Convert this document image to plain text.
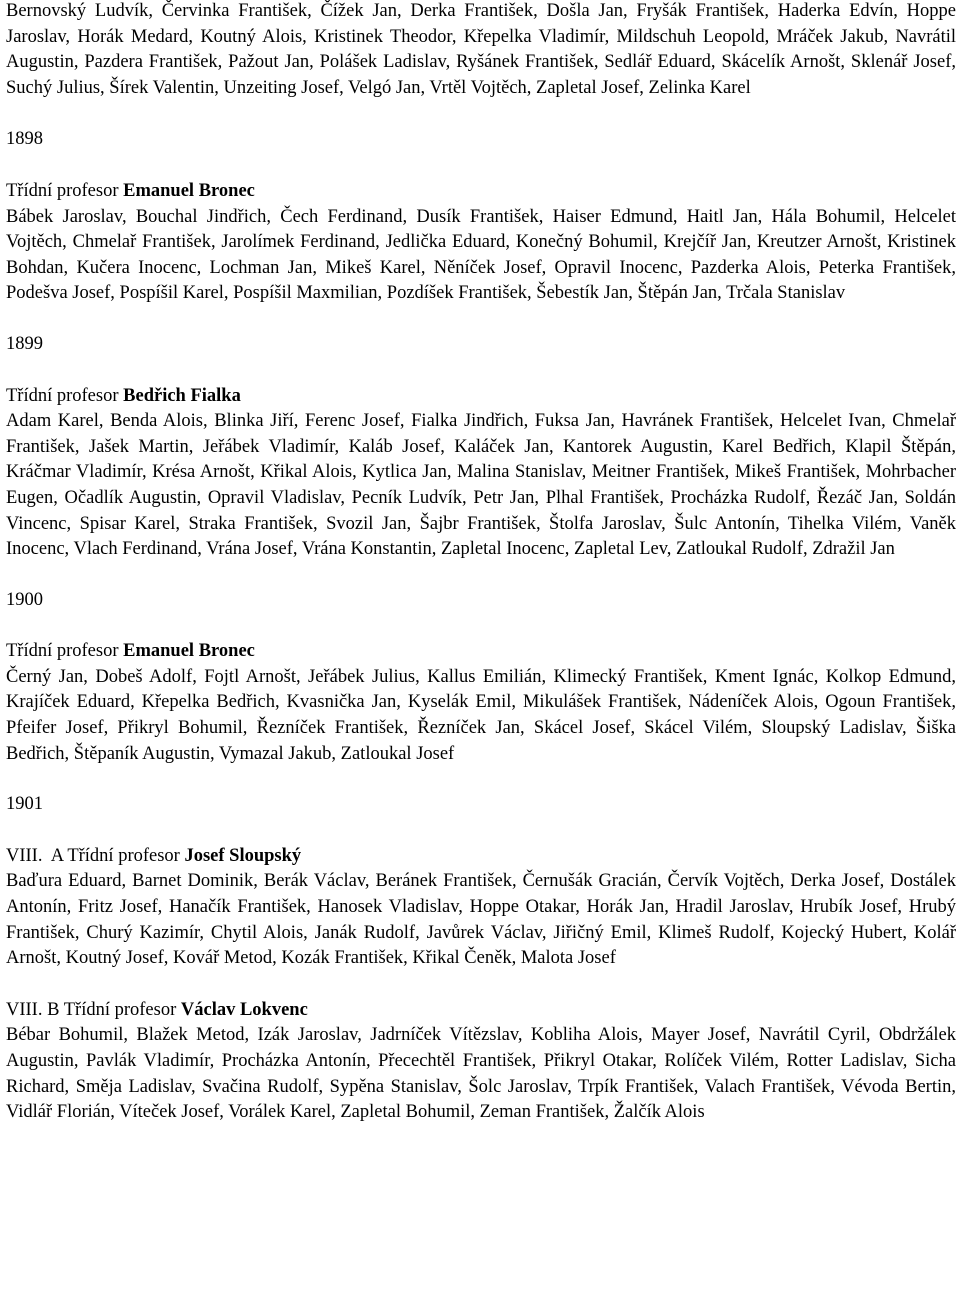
Bernovský Ludvík, Červinka František, Čížek Jan, Derka František, Došla Jan, Fryšák František, Haderka Edvín, Hoppe Jaroslav, Horák Medard, Koutný Alois, Kristinek Theodor, Křepelka Vladimír, Mildschuh Leopold, Mráček Jakub, Navrátil Augustin, Pazdera František, Pažout Jan, Polášek Ladislav, Ryšánek František, Sedlář Eduard, Skácelík Arnošt, Sklenář Josef, Suchý Julius, Šírek Valentin, Unzeiting Josef, Velgó Jan, Vrtěl Vojtěch, Zapletal Josef, Zelinka Karel

1898

Třídní profesor Emanuel Bronec

Bábek Jaroslav, Bouchal Jindřich, Čech Ferdinand, Dusík František, Haiser Edmund, Haitl Jan, Hála Bohumil, Helcelet Vojtěch, Chmelař František, Jarolímek Ferdinand, Jedlička Eduard, Konečný Bohumil, Krejčíř Jan, Kreutzer Arnošt, Kristinek Bohdan, Kučera Inocenc, Lochman Jan, Mikeš Karel, Něníček Josef, Opravil Inocenc, Pazderka Alois, Peterka František, Podešva Josef, Pospíšil Karel, Pospíšil Maxmilian, Pozdíšek František, Šebestík Jan, Štěpán Jan, Trčala Stanislav

1899

Třídní profesor Bedřich Fialka

Adam Karel, Benda Alois, Blinka Jiří, Ferenc Josef, Fialka Jindřich, Fuksa Jan, Havránek František, Helcelet Ivan, Chmelař František, Jašek Martin, Jeřábek Vladimír, Kaláb Josef, Kaláček Jan, Kantorek Augustin, Karel Bedřich, Klapil Štěpán, Kráčmar Vladimír, Krésa Arnošt, Křikal Alois, Kytlica Jan, Malina Stanislav, Meitner František, Mikeš František, Mohrbacher Eugen, Očadlík Augustin, Opravil Vladislav, Pecník Ludvík, Petr Jan, Plhal František, Procházka Rudolf, Řezáč Jan, Soldán Vincenc, Spisar Karel, Straka František, Svozil Jan, Šajbr František, Štolfa Jaroslav, Šulc Antonín, Tihelka Vilém, Vaněk Inocenc, Vlach Ferdinand, Vrána Josef, Vrána Konstantin, Zapletal Inocenc, Zapletal Lev, Zatloukal Rudolf, Zdražil Jan

1900

Třídní profesor Emanuel Bronec

Černý Jan, Dobeš Adolf, Fojtl Arnošt, Jeřábek Julius, Kallus Emilián, Klimecký František, Kment Ignác, Kolkop Edmund, Krajíček Eduard, Křepelka Bedřich, Kvasnička Jan, Kyselák Emil, Mikulášek František, Nádeníček Alois, Ogoun František, Pfeifer Josef, Přikryl Bohumil, Řezníček František, Řezníček Jan, Skácel Josef, Skácel Vilém, Sloupský Ladislav, Šiška Bedřich, Štěpaník Augustin, Vymazal Jakub, Zatloukal Josef

1901

VIII.  A Třídní profesor Josef Sloupský

Baďura Eduard, Barnet Dominik, Berák Václav, Beránek František, Černušák Gracián, Červík Vojtěch, Derka Josef, Dostálek Antonín, Fritz Josef, Hanačík František, Hanosek Vladislav, Hoppe Otakar, Horák Jan, Hradil Jaroslav, Hrubík Josef, Hrubý František, Churý Kazimír, Chytil Alois, Janák Rudolf, Javůrek Václav, Jiřičný Emil, Klimeš Rudolf, Kojecký Hubert, Kolář Arnošt, Koutný Josef, Kovář Metod, Kozák František, Křikal Čeněk, Malota Josef

VIII. B Třídní profesor Václav Lokvenc

Bébar Bohumil, Blažek Metod, Izák Jaroslav, Jadrníček Vítězslav, Kobliha Alois, Mayer Josef, Navrátil Cyril, Obdržálek Augustin, Pavlák Vladimír, Procházka Antonín, Přecechtěl František, Přikryl Otakar, Rolíček Vilém, Rotter Ladislav, Sicha Richard, Směja Ladislav, Svačina Rudolf, Sypěna Stanislav, Šolc Jaroslav, Trpík František, Valach František, Vévoda Bertin, Vidlář Florián, Víteček Josef, Vorálek Karel, Zapletal Bohumil, Zeman František, Žalčík Alois
